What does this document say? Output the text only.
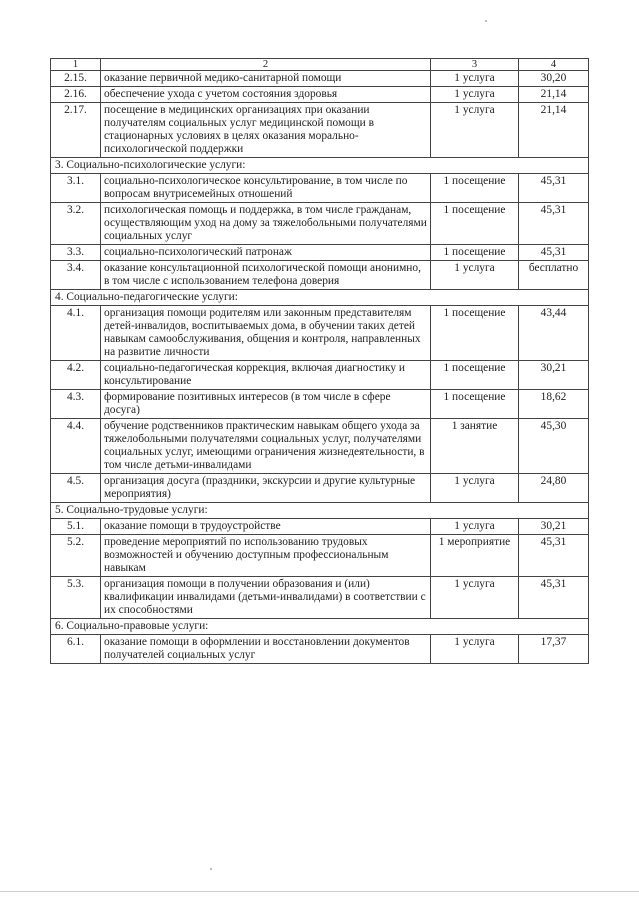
1	2	3	4
2.15.	оказание первичной медико-санитарной помощи	1 услуга	30,20
2.16.	обеспечение ухода с учетом состояния здоровья	1 услуга	21,14
2.17.	посещение в медицинских организациях при оказании получателям социальных услуг медицинской помощи в стационарных условиях в целях оказания морально-психологической поддержки	1 услуга	21,14
3. Социально-психологические услуги:			
3.1.	социально-психологическое консультирование, в том числе по вопросам внутрисемейных отношений	1 посещение	45,31
3.2.	психологическая помощь и поддержка, в том числе гражданам, осуществляющим уход на дому за тяжелобольными получателями социальных услуг	1 посещение	45,31
3.3.	социально-психологический патронаж	1 посещение	45,31
3.4.	оказание консультационной психологической помощи анонимно, в том числе с использованием телефона доверия	1 услуга	бесплатно
4. Социально-педагогические услуги:			
4.1.	организация помощи родителям или законным представителям детей-инвалидов, воспитываемых дома, в обучении таких детей навыкам самообслуживания, общения и контроля, направленных на развитие личности	1 посещение	43,44
4.2.	социально-педагогическая коррекция, включая диагностику и консультирование	1 посещение	30,21
4.3.	формирование позитивных интересов (в том числе в сфере досуга)	1 посещение	18,62
4.4.	обучение родственников практическим навыкам общего ухода за тяжелобольными получателями социальных услуг, получателями социальных услуг, имеющими ограничения жизнедеятельности, в том числе детьми-инвалидами	1 занятие	45,30
4.5.	организация досуга (праздники, экскурсии и другие культурные мероприятия)	1 услуга	24,80
5. Социально-трудовые услуги:			
5.1.	оказание помощи в трудоустройстве	1 услуга	30,21
5.2.	проведение мероприятий по использованию трудовых возможностей и обучению доступным профессиональным навыкам	1 мероприятие	45,31
5.3.	организация помощи в получении образования и (или) квалификации инвалидами (детьми-инвалидами) в соответствии с их способностями	1 услуга	45,31
6. Социально-правовые услуги:			
6.1.	оказание помощи в оформлении и восстановлении документов получателей социальных услуг	1 услуга	17,37
